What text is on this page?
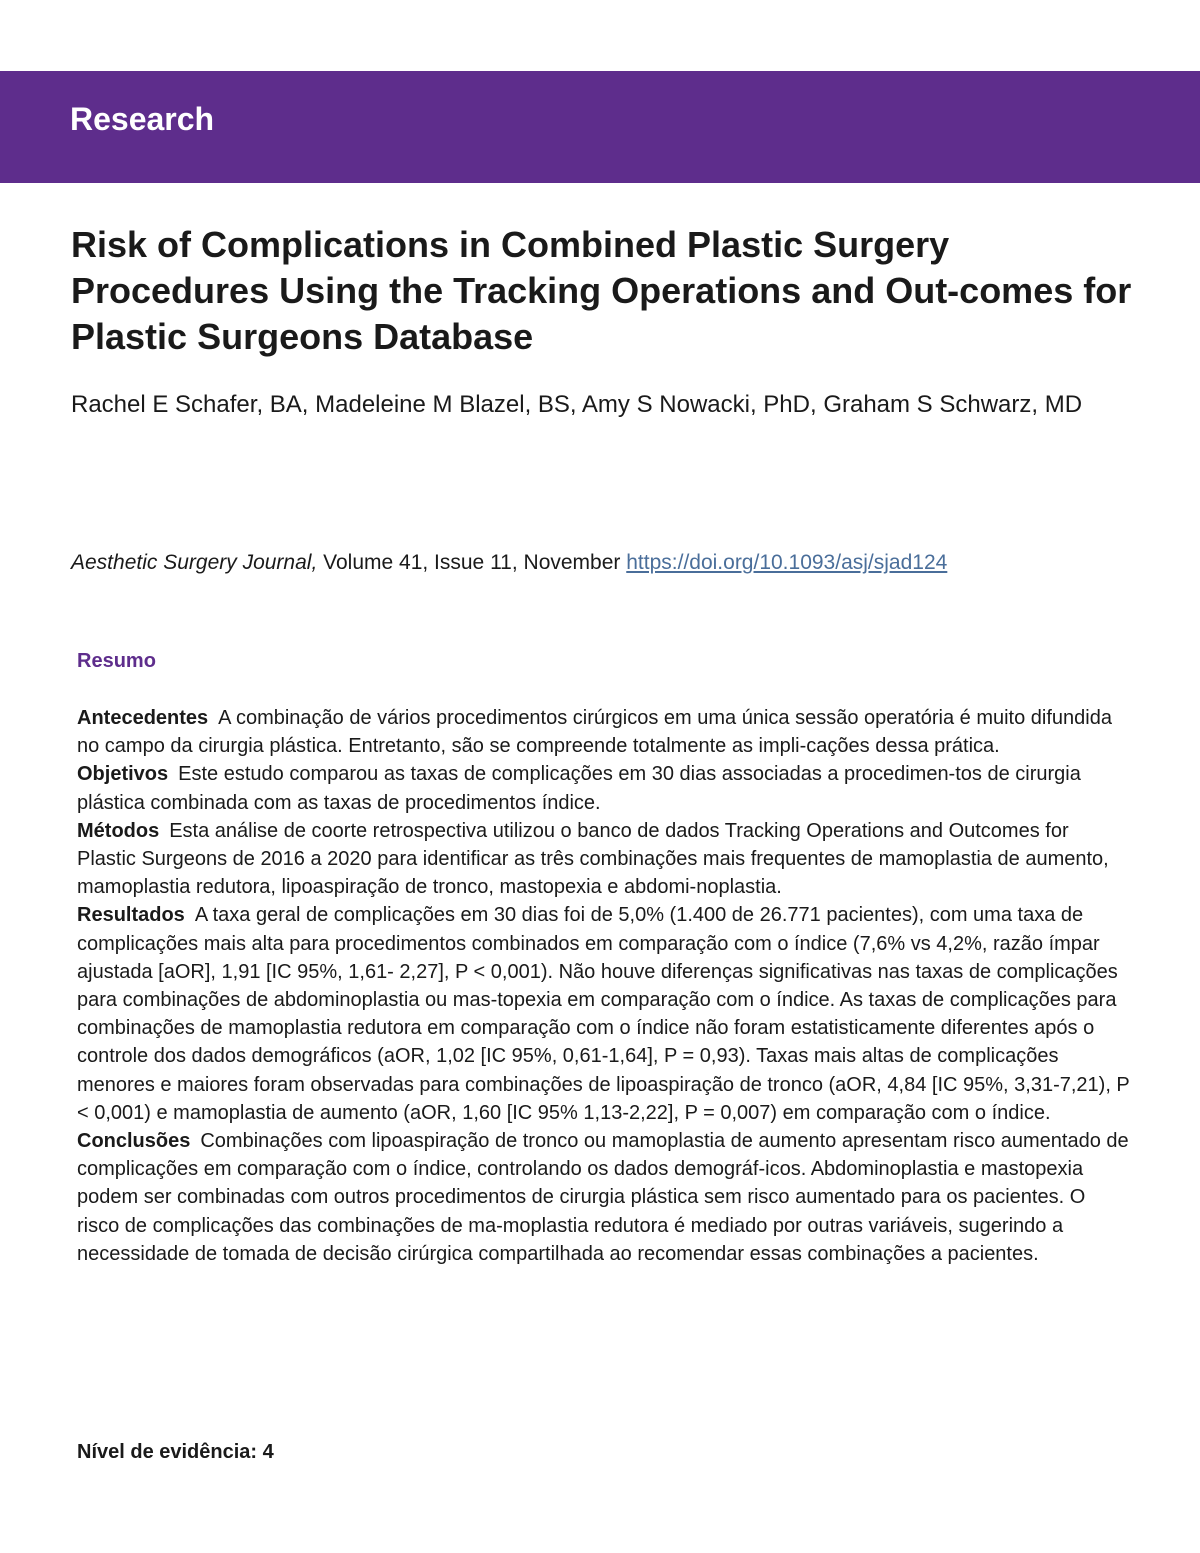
Research
Risk of Complications in Combined Plastic Surgery Procedures Using the Tracking Operations and Out-comes for Plastic Surgeons Database
Rachel E Schafer, BA, Madeleine M Blazel, BS, Amy S Nowacki, PhD, Graham S Schwarz, MD
Aesthetic Surgery Journal, Volume 41, Issue 11, November https://doi.org/10.1093/asj/sjad124
Resumo

Antecedentes A combinação de vários procedimentos cirúrgicos em uma única sessão operatória é muito difundida no campo da cirurgia plástica. Entretanto, são se compreende totalmente as impli-cações dessa prática.

Objetivos Este estudo comparou as taxas de complicações em 30 dias associadas a procedimen-tos de cirurgia plástica combinada com as taxas de procedimentos índice.

Métodos Esta análise de coorte retrospectiva utilizou o banco de dados Tracking Operations and Outcomes for Plastic Surgeons de 2016 a 2020 para identificar as três combinações mais frequentes de mamoplastia de aumento, mamoplastia redutora, lipoaspiração de tronco, mastopexia e abdomi-noplastia.

Resultados A taxa geral de complicações em 30 dias foi de 5,0% (1.400 de 26.771 pacientes), com uma taxa de complicações mais alta para procedimentos combinados em comparação com o índice (7,6% vs 4,2%, razão ímpar ajustada [aOR], 1,91 [IC 95%, 1,61- 2,27], P < 0,001). Não houve diferenças significativas nas taxas de complicações para combinações de abdominoplastia ou mas-topexia em comparação com o índice. As taxas de complicações para combinações de mamoplastia redutora em comparação com o índice não foram estatisticamente diferentes após o controle dos dados demográficos (aOR, 1,02 [IC 95%, 0,61-1,64], P = 0,93). Taxas mais altas de complicações menores e maiores foram observadas para combinações de lipoaspiração de tronco (aOR, 4,84 [IC 95%, 3,31-7,21), P < 0,001) e mamoplastia de aumento (aOR, 1,60 [IC 95% 1,13-2,22], P = 0,007) em comparação com o índice.

Conclusões Combinações com lipoaspiração de tronco ou mamoplastia de aumento apresentam risco aumentado de complicações em comparação com o índice, controlando os dados demográf-icos. Abdominoplastia e mastopexia podem ser combinadas com outros procedimentos de cirurgia plástica sem risco aumentado para os pacientes. O risco de complicações das combinações de ma-moplastia redutora é mediado por outras variáveis, sugerindo a necessidade de tomada de decisão cirúrgica compartilhada ao recomendar essas combinações a pacientes.

Nível de evidência: 4
